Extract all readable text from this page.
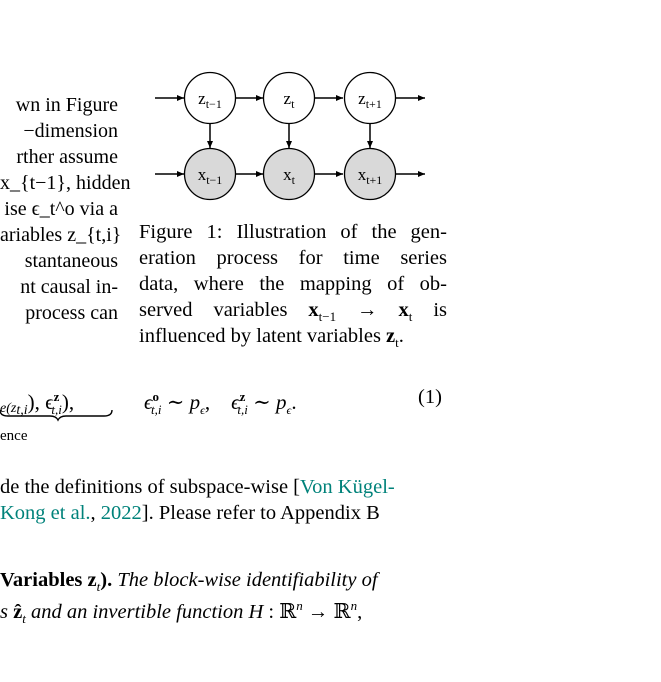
wn in Figure
−dimension
rther assume
x_{t−1}, hidden
ise ϵ_t^o via a
ariables z_{t,i}
stantaneous
nt causal in-
process can
$z_{t-1}$	$z_t$	$z_{t+1}$
$x_{t-1}$	$x_t$	$x_{t+1}$
Figure 1: Illustration of the gen-
eration process for time series
data, where the mapping of ob-
served variables $x_{t-1} \to x_t$ is
influenced by latent variables $z_t$.
$e(z_{t,i})$, $\epsilon^z_{t,i}$),
ence
$\epsilon^o_{t,i}$ ∼ $p_\epsilon$,    $\epsilon^z_{t,i}$ ∼ $p_\epsilon$.	(1)
de the definitions of subspace-wise [Von Kügel-
Kong et al., 2022]. Please refer to Appendix B
Variables $z_t$). The block-wise identifiability of
s ẑ$_t$ and an invertible function H : ℝ$^n$ → ℝ$^n$,
